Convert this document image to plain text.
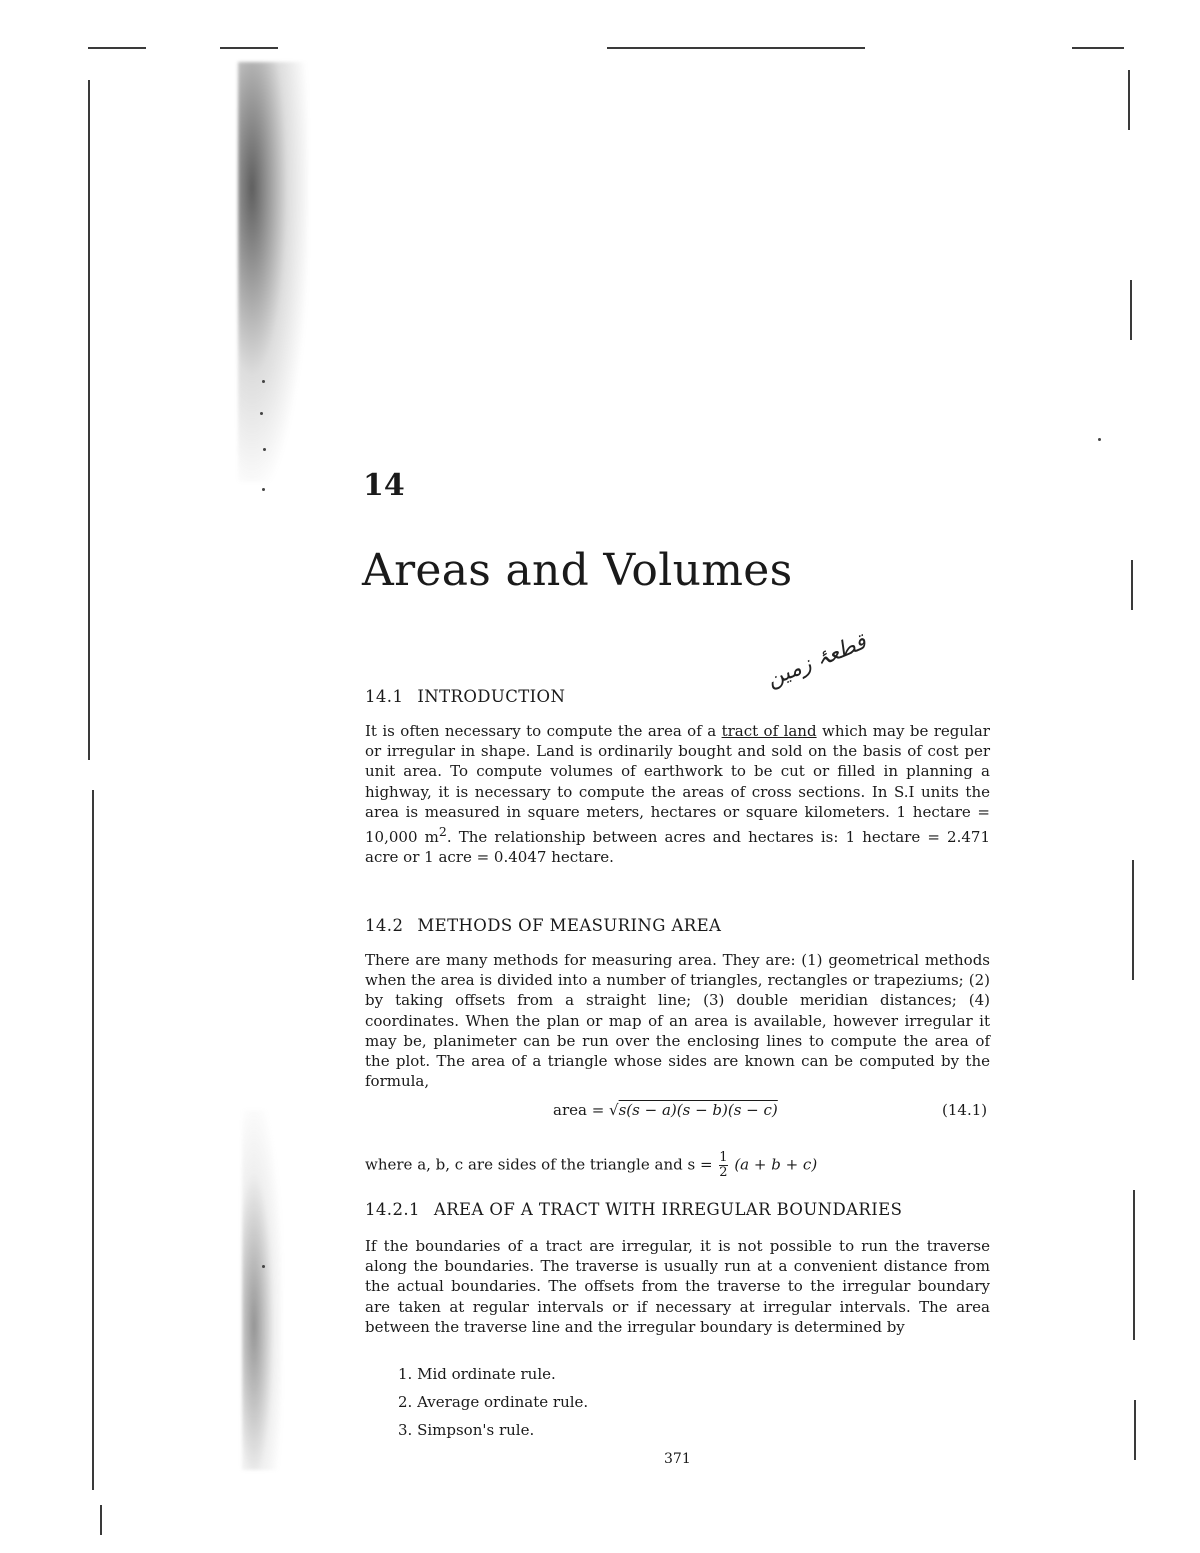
14
Areas and Volumes
قطعۂ زمین
14.1 INTRODUCTION

It is often necessary to compute the area of a tract of land which may be regular or irregular in shape. Land is ordinarily bought and sold on the basis of cost per unit area. To compute volumes of earthwork to be cut or filled in planning a highway, it is necessary to compute the areas of cross sections. In S.I units the area is measured in square meters, hectares or square kilometers. 1 hectare = 10,000 $m^2$. The relationship between acres and hectares is: 1 hectare = 2.471 acre or 1 acre = 0.4047 hectare.

14.2 METHODS OF MEASURING AREA

There are many methods for measuring area. They are: (1) geometrical methods when the area is divided into a number of triangles, rectangles or trapeziums; (2) by taking offsets from a straight line; (3) double meridian distances; (4) coordinates. When the plan or map of an area is available, however irregular it may be, planimeter can be run over the enclosing lines to compute the area of the plot. The area of a triangle whose sides are known can be computed by the formula,

area = √s(s − a)(s − b)(s − c)	(14.1)
where a, b, c are sides of the triangle and $s = \frac{1}{2} (a + b + c)$
14.2.1 AREA OF A TRACT WITH IRREGULAR BOUNDARIES

If the boundaries of a tract are irregular, it is not possible to run the traverse along the boundaries. The traverse is usually run at a convenient distance from the actual boundaries. The offsets from the traverse to the irregular boundary are taken at regular intervals or if necessary at irregular intervals. The area between the traverse line and the irregular boundary is determined by

1. Mid ordinate rule.
2. Average ordinate rule.
3. Simpson's rule.
371
